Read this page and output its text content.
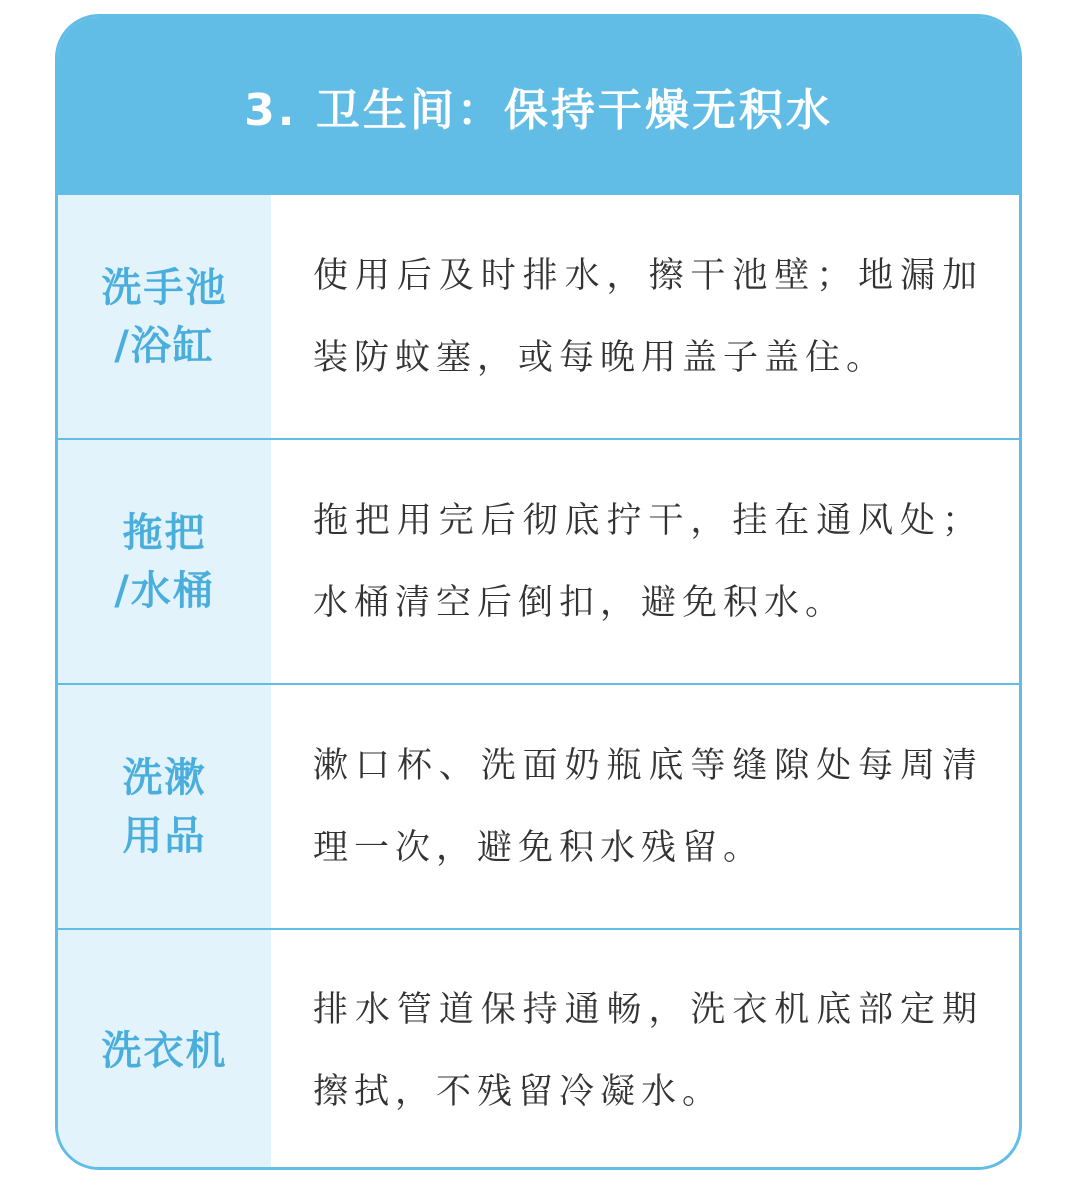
3. 卫生间：保持干燥无积水
洗手池
/浴缸
使用后及时排水，擦干池壁；地漏加装防蚊塞，或每晚用盖子盖住。
拖把
/水桶
拖把用完后彻底拧干，挂在通风处；水桶清空后倒扣，避免积水。
洗漱
用品
漱口杯、洗面奶瓶底等缝隙处每周清理一次，避免积水残留。
洗衣机
排水管道保持通畅，洗衣机底部定期擦拭，不残留冷凝水。
